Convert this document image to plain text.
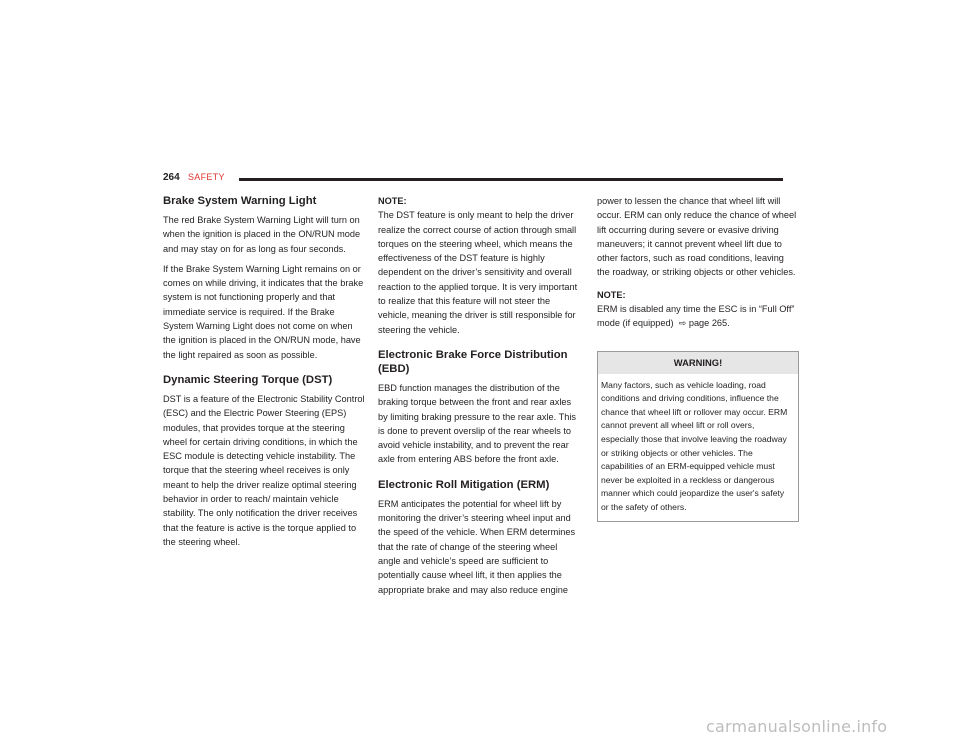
264 SAFETY
Brake System Warning Light

The red Brake System Warning Light will turn on when the ignition is placed in the ON/RUN mode and may stay on for as long as four seconds.

If the Brake System Warning Light remains on or comes on while driving, it indicates that the brake system is not functioning properly and that immediate service is required. If the Brake System Warning Light does not come on when the ignition is placed in the ON/RUN mode, have the light repaired as soon as possible.

Dynamic Steering Torque (DST)

DST is a feature of the Electronic Stability Control (ESC) and the Electric Power Steering (EPS) modules, that provides torque at the steering wheel for certain driving conditions, in which the ESC module is detecting vehicle instability. The torque that the steering wheel receives is only meant to help the driver realize optimal steering behavior in order to reach/ maintain vehicle stability. The only notification the driver receives that the feature is active is the torque applied to the steering wheel.

NOTE:

The DST feature is only meant to help the driver realize the correct course of action through small torques on the steering wheel, which means the effectiveness of the DST feature is highly dependent on the driver’s sensitivity and overall reaction to the applied torque. It is very important to realize that this feature will not steer the vehicle, meaning the driver is still responsible for steering the vehicle.

Electronic Brake Force Distribution (EBD)

EBD function manages the distribution of the braking torque between the front and rear axles by limiting braking pressure to the rear axle. This is done to prevent overslip of the rear wheels to avoid vehicle instability, and to prevent the rear axle from entering ABS before the front axle.

Electronic Roll Mitigation (ERM)

ERM anticipates the potential for wheel lift by monitoring the driver’s steering wheel input and the speed of the vehicle. When ERM determines that the rate of change of the steering wheel angle and vehicle’s speed are sufficient to potentially cause wheel lift, it then applies the appropriate brake and may also reduce engine

power to lessen the chance that wheel lift will occur. ERM can only reduce the chance of wheel lift occurring during severe or evasive driving maneuvers; it cannot prevent wheel lift due to other factors, such as road conditions, leaving the roadway, or striking objects or other vehicles.

NOTE:

ERM is disabled any time the ESC is in “Full Off” mode (if equipped) ⇨ page 265.

WARNING!
Many factors, such as vehicle loading, road conditions and driving conditions, influence the chance that wheel lift or rollover may occur. ERM cannot prevent all wheel lift or roll overs, especially those that involve leaving the roadway or striking objects or other vehicles. The capabilities of an ERM-equipped vehicle must never be exploited in a reckless or dangerous manner which could jeopardize the user's safety or the safety of others.
carmanualsonline.info
